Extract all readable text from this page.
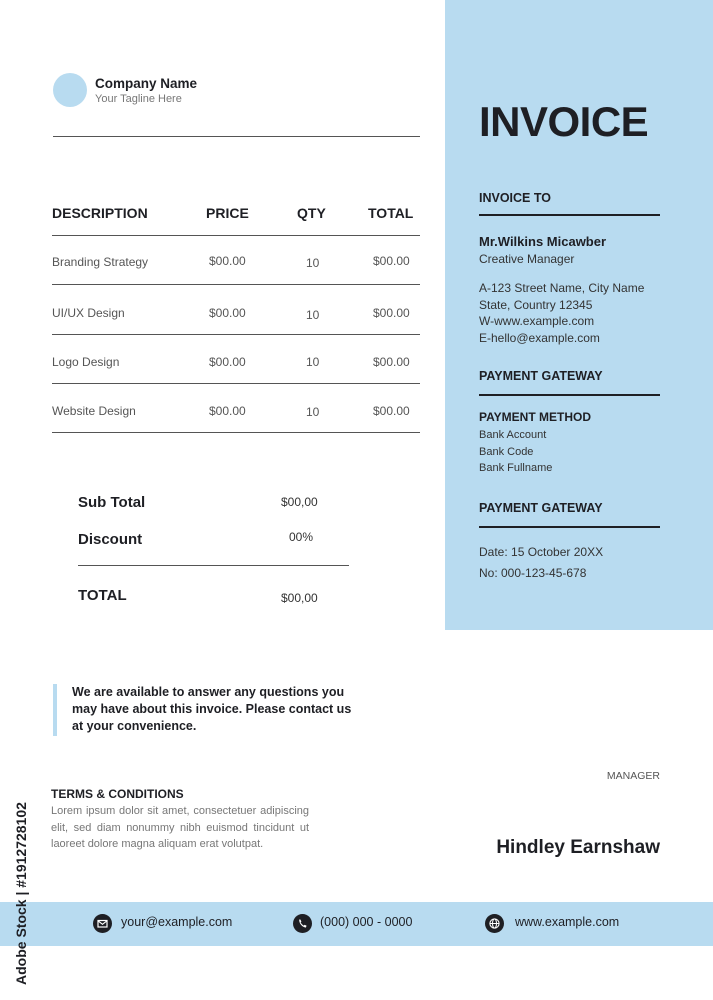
Company Name
Your Tagline Here
DESCRIPTION	PRICE	QTY	TOTAL
Branding Strategy	$00.00	10	$00.00
UI/UX Design	$00.00	10	$00.00
Logo Design	$00.00	10	$00.00
Website Design	$00.00	10	$00.00
Sub Total	$00,00
Discount	00%
TOTAL	$00,00
INVOICE
INVOICE TO
Mr.Wilkins Micawber
Creative Manager
A-123 Street Name, City Name
State, Country 12345
W-www.example.com
E-hello@example.com
PAYMENT GATEWAY
PAYMENT METHOD
Bank Account
Bank Code
Bank Fullname
PAYMENT GATEWAY
Date: 15 October 20XX
No: 000-123-45-678
We are available to answer any questions you may have about this invoice. Please contact us at your convenience.
TERMS & CONDITIONS
Lorem ipsum dolor sit amet, consectetuer adipiscing elit, sed diam nonummy nibh euismod tincidunt ut laoreet dolore magna aliquam erat volutpat.
MANAGER
Hindley Earnshaw
your@example.com	(000) 000 - 0000	www.example.com
Adobe Stock | #1912728102
